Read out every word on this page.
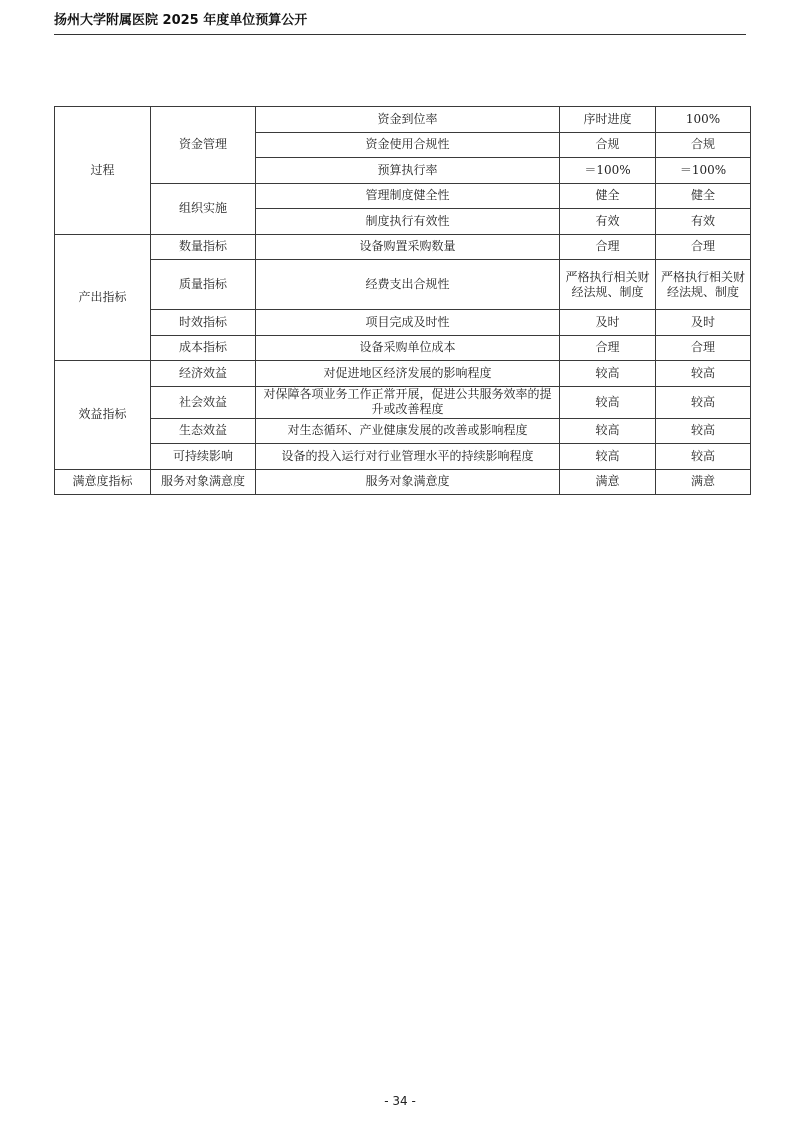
扬州大学附属医院 2025 年度单位预算公开
过程	资金管理	资金到位率	序时进度	100%
		资金使用合规性	合规	合规
		预算执行率	＝100%	＝100%
	组织实施	管理制度健全性	健全	健全
		制度执行有效性	有效	有效
产出指标	数量指标	设备购置采购数量	合理	合理
	质量指标	经费支出合规性	严格执行相关财经法规、制度	严格执行相关财经法规、制度
	时效指标	项目完成及时性	及时	及时
	成本指标	设备采购单位成本	合理	合理
效益指标	经济效益	对促进地区经济发展的影响程度	较高	较高
	社会效益	对保障各项业务工作正常开展，促进公共服务效率的提升或改善程度	较高	较高
	生态效益	对生态循环、产业健康发展的改善或影响程度	较高	较高
	可持续影响	设备的投入运行对行业管理水平的持续影响程度	较高	较高
满意度指标	服务对象满意度	服务对象满意度	满意	满意
- 34 -
